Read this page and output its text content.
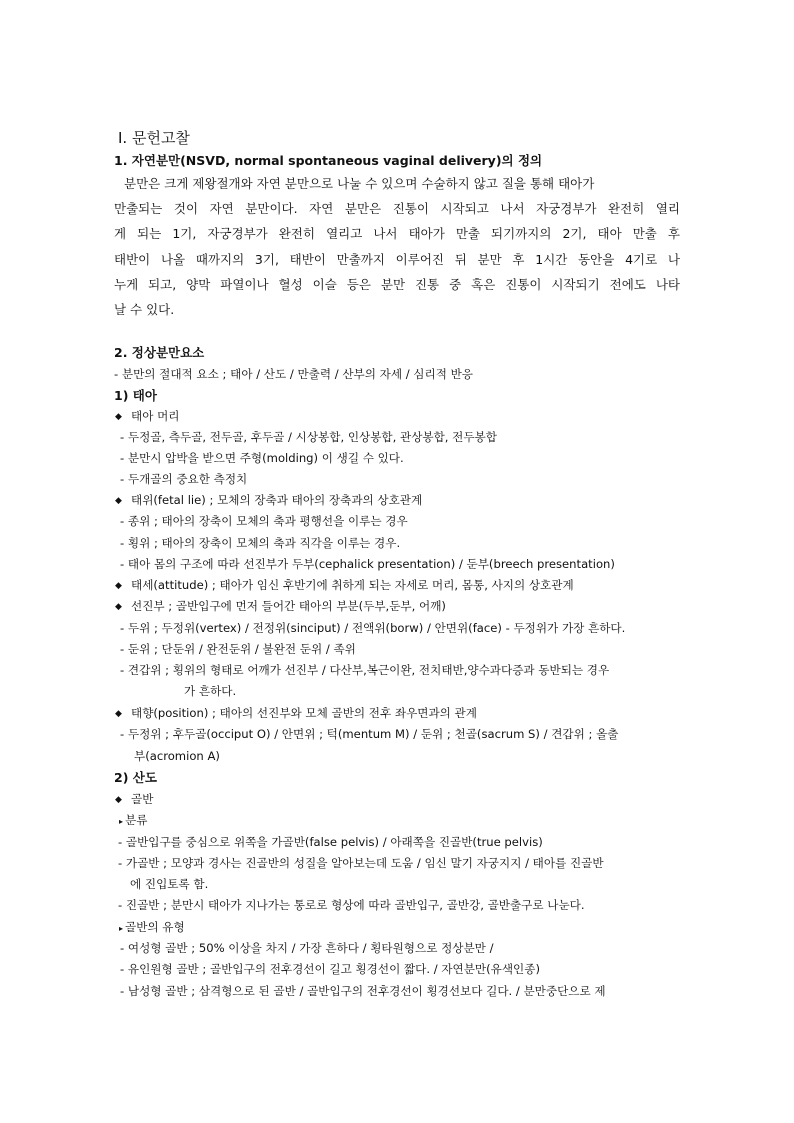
Ⅰ. 문헌고찰
1. 자연분만(NSVD, normal spontaneous vaginal delivery)의 정의
분만은 크게 제왕절개와 자연 분만으로 나눌 수 있으며 수술하지 않고 질을 통해 태아가
만출되는 것이 자연 분만이다. 자연 분만은 진통이 시작되고 나서 자궁경부가 완전히 열리
게 되는 1기, 자궁경부가 완전히 열리고 나서 태아가 만출 되기까지의 2기, 태아 만출 후
태반이 나올 때까지의 3기, 태반이 만출까지 이루어진 뒤 분만 후 1시간 동안을 4기로 나
누게 되고, 양막 파열이나 혈성 이슬 등은 분만 진통 중 혹은 진통이 시작되기 전에도 나타
날 수 있다.
2. 정상분만요소
- 분만의 절대적 요소 ; 태아 / 산도 / 만출력 / 산부의 자세 / 심리적 반응
1) 태아
◆ 태아 머리
- 두정골, 측두골, 전두골, 후두골 / 시상봉합, 인상봉합, 관상봉합, 전두봉합
- 분만시 압박을 받으면 주형(molding) 이 생길 수 있다.
- 두개골의 중요한 측정치
◆ 태위(fetal lie) ; 모체의 장축과 태아의 장축과의 상호관계
- 종위 ; 태아의 장축이 모체의 축과 평행선을 이루는 경우
- 횡위 ; 태아의 장축이 모체의 축과 직각을 이루는 경우.
- 태아 몸의 구조에 따라 선진부가 두부(cephalick presentation) / 둔부(breech presentation)
◆ 태세(attitude) ; 태아가 임신 후반기에 취하게 되는 자세로 머리, 몸통, 사지의 상호관계
◆ 선진부 ; 골반입구에 먼저 들어간 태아의 부분(두부,둔부, 어깨)
- 두위 ; 두정위(vertex) / 전정위(sinciput) / 전액위(borw) / 안면위(face) - 두정위가 가장 흔하다.
- 둔위 ; 단둔위 / 완전둔위 / 불완전 둔위 / 족위
- 견갑위 ; 횡위의 형태로 어깨가 선진부 / 다산부,복근이완, 전치태반,양수과다증과 동반되는 경우
가 흔하다.
◆ 태향(position) ; 태아의 선진부와 모체 골반의 전후 좌우면과의 관계
- 두정위 ; 후두골(occiput O) / 안면위 ; 턱(mentum M) / 둔위 ; 천골(sacrum S) / 견갑위 ; 올출
부(acromion A)
2) 산도
◆ 골반
▸ 분류
- 골반입구를 중심으로 위쪽을 가골반(false pelvis) / 아래쪽을 진골반(true pelvis)
- 가골반 ; 모양과 경사는 진골반의 성질을 알아보는데 도움 / 임신 말기 자궁지지 / 태아를 진골반
에 진입토록 함.
- 진골반 ; 분만시 태아가 지나가는 통로로 형상에 따라 골반입구, 골반강, 골반출구로 나눈다.
▸ 골반의 유형
- 여성형 골반 ; 50% 이상을 차지 / 가장 흔하다 / 횡타원형으로 정상분만 /
- 유인원형 골반 ; 골반입구의 전후경선이 길고 횡경선이 짧다. / 자연분만(유색인종)
- 남성형 골반 ; 삼격형으로 된 골반 / 골반입구의 전후경선이 횡경선보다 길다. / 분만중단으로 제
